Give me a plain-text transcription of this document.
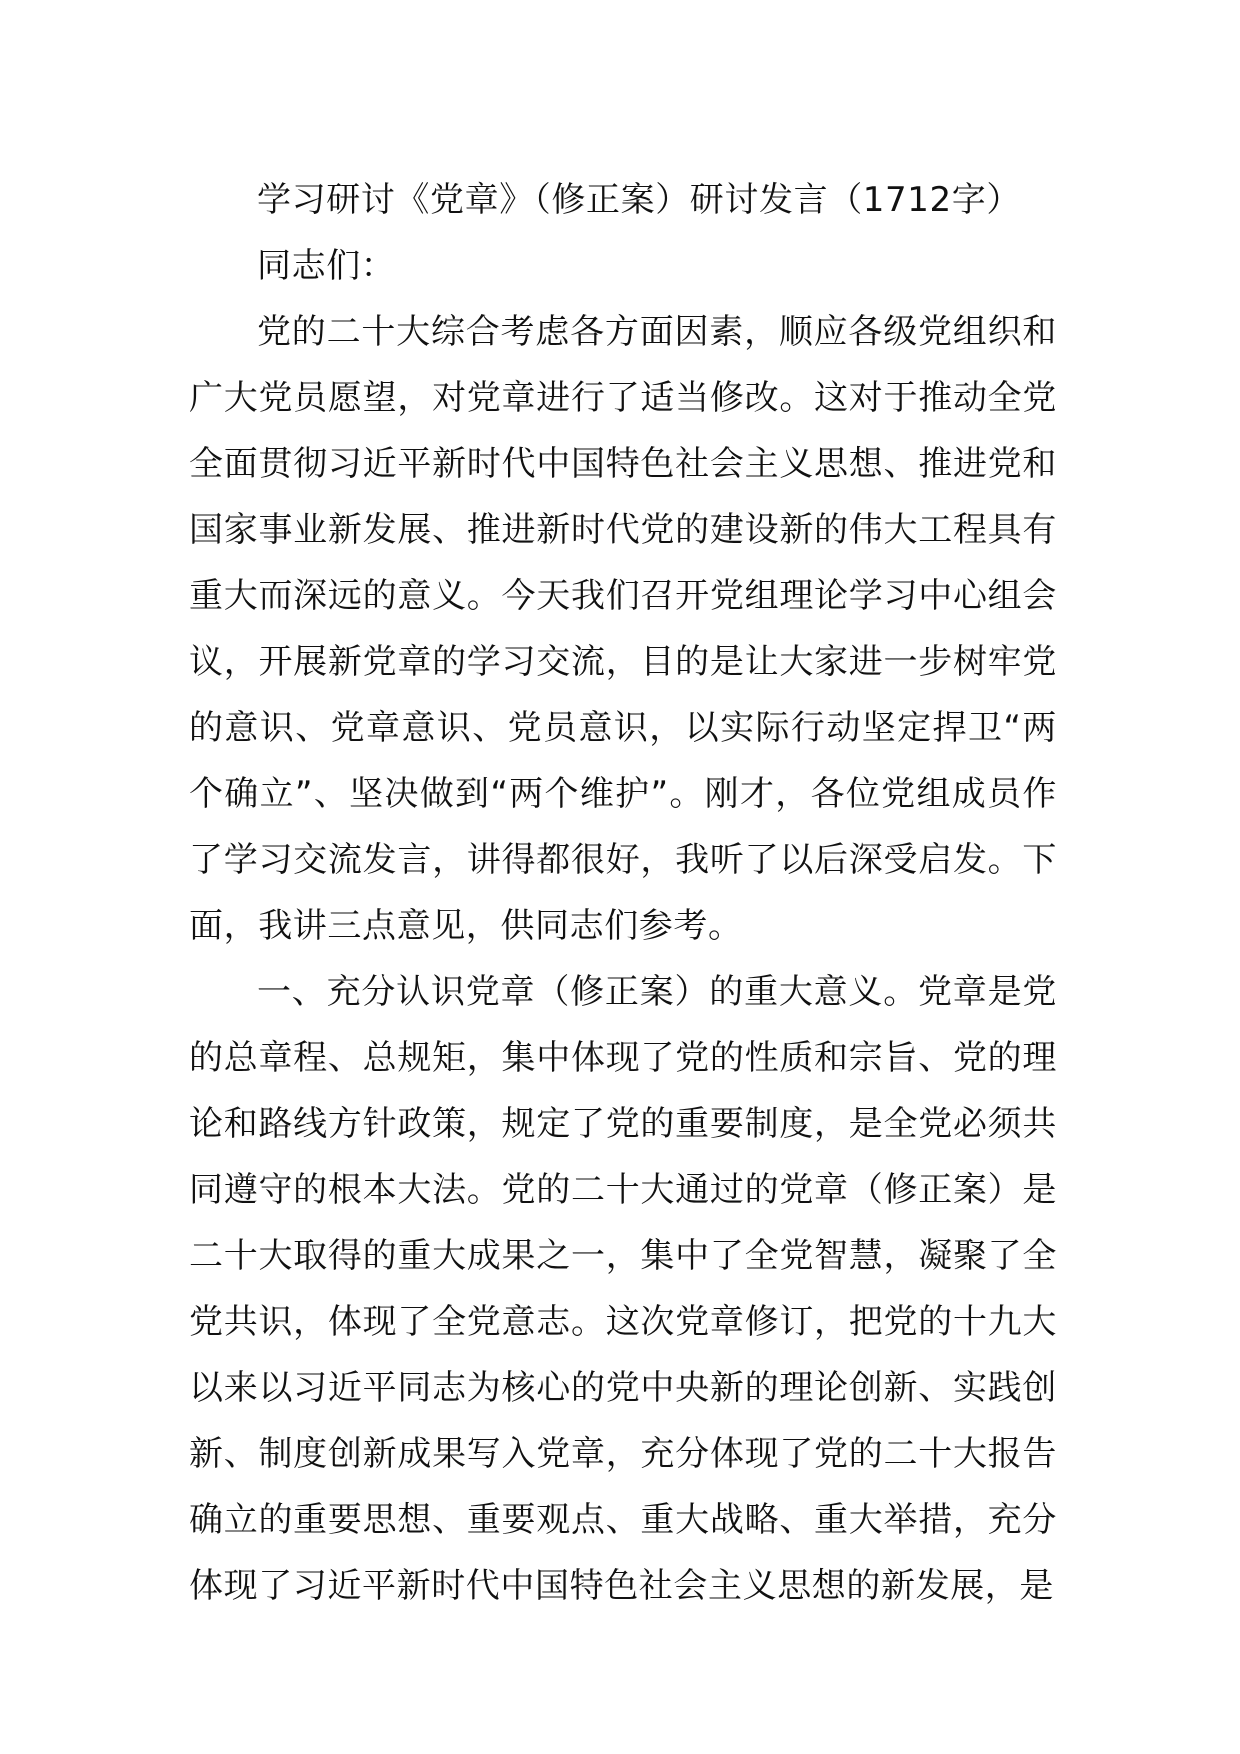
学习研讨《党章》（修正案）研讨发言（1712字）

同志们：

党的二十大综合考虑各方面因素，顺应各级党组织和广大党员愿望，对党章进行了适当修改。这对于推动全党全面贯彻习近平新时代中国特色社会主义思想、推进党和国家事业新发展、推进新时代党的建设新的伟大工程具有重大而深远的意义。今天我们召开党组理论学习中心组会议，开展新党章的学习交流，目的是让大家进一步树牢党的意识、党章意识、党员意识，以实际行动坚定捍卫“两个确立”、坚决做到“两个维护”。刚才，各位党组成员作了学习交流发言，讲得都很好，我听了以后深受启发。下面，我讲三点意见，供同志们参考。

一、充分认识党章（修正案）的重大意义。党章是党的总章程、总规矩，集中体现了党的性质和宗旨、党的理论和路线方针政策，规定了党的重要制度，是全党必须共同遵守的根本大法。党的二十大通过的党章（修正案）是二十大取得的重大成果之一，集中了全党智慧，凝聚了全党共识，体现了全党意志。这次党章修订，把党的十九大以来以习近平同志为核心的党中央新的理论创新、实践创新、制度创新成果写入党章，充分体现了党的二十大报告确立的重要思想、重要观点、重大战略、重大举措，充分体现了习近平新时代中国特色社会主义思想的新发展，是
